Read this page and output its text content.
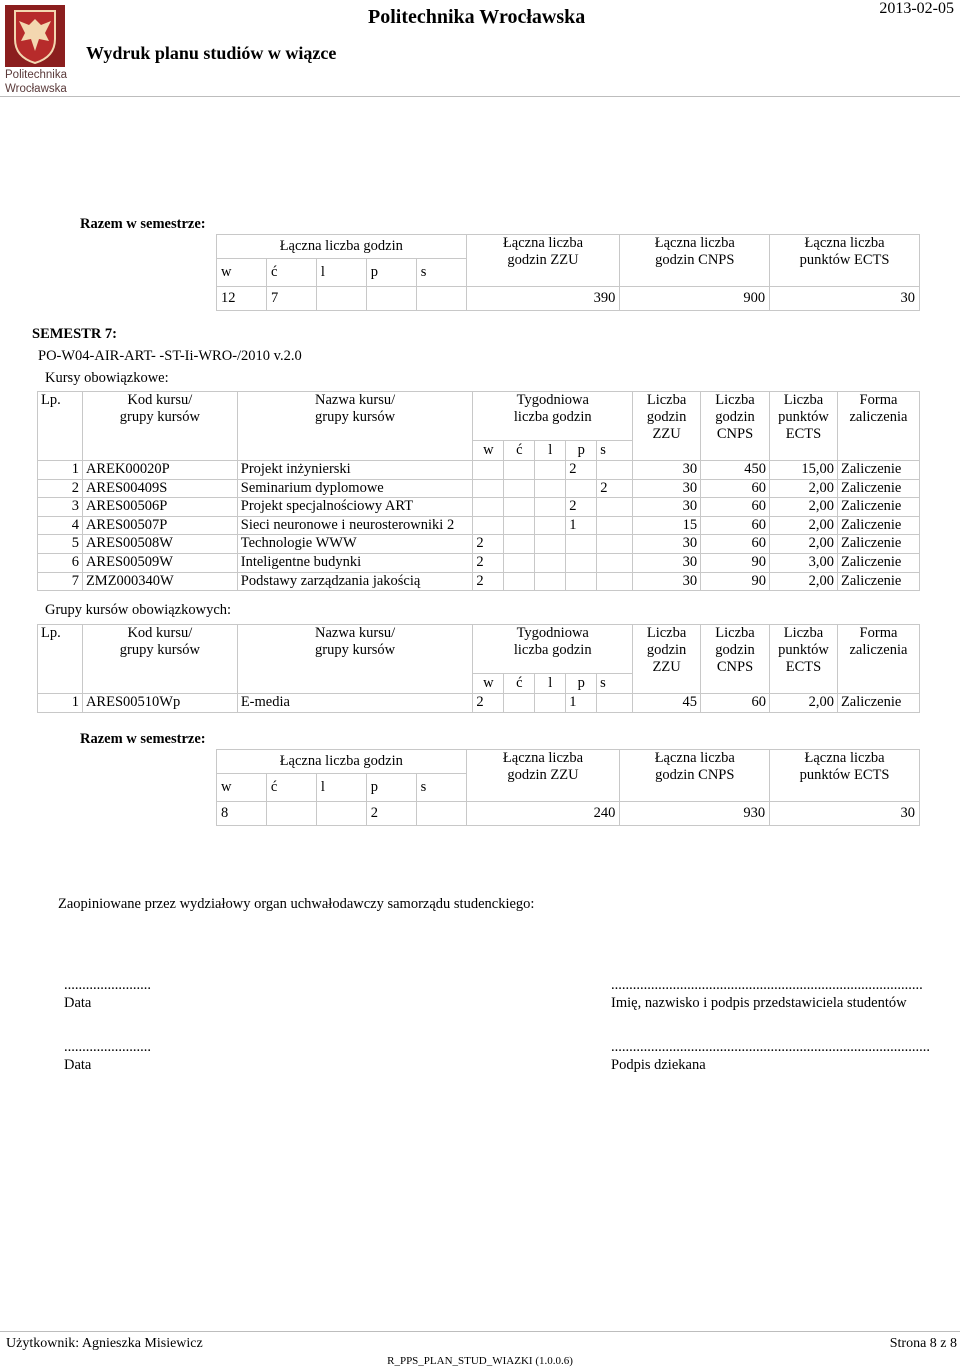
Politechnika
Wrocławska
Politechnika Wrocławska
Wydruk planu studiów w wiązce
2013-02-05
Razem w semestrze:
Łączna liczba godzin					Łączna liczba
godzin ZZU	Łączna liczba
godzin CNPS	Łączna liczba
punktów ECTS
w	ć	l	p	s			
12	7				390	900	30
SEMESTR 7:
PO-W04-AIR-ART- -ST-Ii-WRO-/2010 v.2.0
Kursy obowiązkowe:
Lp.	Kod kursu/
grupy kursów	Nazwa kursu/
grupy kursów	Tygodniowa
liczba godzin					Liczba
godzin
ZZU	Liczba
godzin
CNPS	Liczba
punktów
ECTS	Forma
zaliczenia
			w	ć	l	p	s				
1	AREK00020P	Projekt inżynierski				2		30	450	15,00	Zaliczenie
2	ARES00409S	Seminarium dyplomowe					2	30	60	2,00	Zaliczenie
3	ARES00506P	Projekt specjalnościowy ART				2		30	60	2,00	Zaliczenie
4	ARES00507P	Sieci neuronowe i neurosterowniki 2				1		15	60	2,00	Zaliczenie
5	ARES00508W	Technologie WWW	2					30	60	2,00	Zaliczenie
6	ARES00509W	Inteligentne budynki	2					30	90	3,00	Zaliczenie
7	ZMZ000340W	Podstawy zarządzania jakością	2					30	90	2,00	Zaliczenie
Grupy kursów obowiązkowych:
Lp.	Kod kursu/
grupy kursów	Nazwa kursu/
grupy kursów	Tygodniowa
liczba godzin					Liczba
godzin
ZZU	Liczba
godzin
CNPS	Liczba
punktów
ECTS	Forma
zaliczenia
			w	ć	l	p	s				
1	ARES00510Wp	E-media	2			1		45	60	2,00	Zaliczenie
Razem w semestrze:
Łączna liczba godzin					Łączna liczba
godzin ZZU	Łączna liczba
godzin CNPS	Łączna liczba
punktów ECTS
w	ć	l	p	s			
8			2		240	930	30
Zaopiniowane przez wydziałowy organ uchwałodawczy samorządu studenckiego:
........................
Data
......................................................................................
Imię, nazwisko i podpis przedstawiciela studentów
........................
Data
........................................................................................
Podpis dziekana
Użytkownik: Agnieszka Misiewicz	Strona 8 z 8
R_PPS_PLAN_STUD_WIAZKI (1.0.0.6)
